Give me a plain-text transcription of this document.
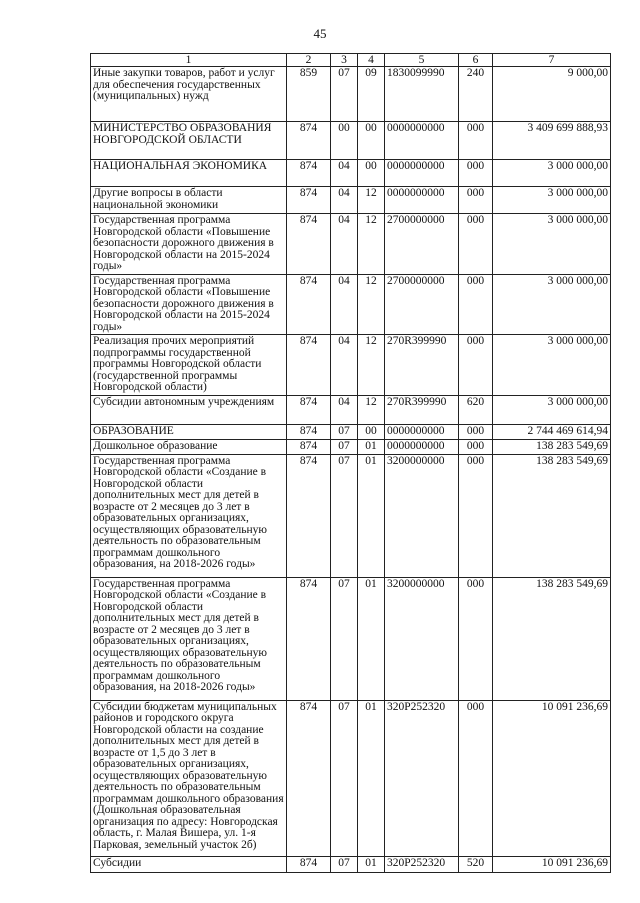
45
1	2	3	4	5	6	7
Иные закупки товаров, работ и услуг для обеспечения государственных (муниципальных) нужд	859	07	09	1830099990	240	9 000,00
МИНИСТЕРСТВО ОБРАЗОВАНИЯ НОВГОРОДСКОЙ ОБЛАСТИ	874	00	00	0000000000	000	3 409 699 888,93
НАЦИОНАЛЬНАЯ ЭКОНОМИКА	874	04	00	0000000000	000	3 000 000,00
Другие вопросы в области национальной экономики	874	04	12	0000000000	000	3 000 000,00
Государственная программа Новгородской области «Повышение безопасности дорожного движения в Новгородской области на 2015-2024 годы»	874	04	12	2700000000	000	3 000 000,00
Государственная программа Новгородской области «Повышение безопасности дорожного движения в Новгородской области на 2015-2024 годы»	874	04	12	2700000000	000	3 000 000,00
Реализация прочих мероприятий подпрограммы государственной программы Новгородской области (государственной программы Новгородской области)	874	04	12	270R399990	000	3 000 000,00
Субсидии автономным учреждениям	874	04	12	270R399990	620	3 000 000,00
ОБРАЗОВАНИЕ	874	07	00	0000000000	000	2 744 469 614,94
Дошкольное образование	874	07	01	0000000000	000	138 283 549,69
Государственная программа Новгородской области «Создание в Новгородской области дополнительных мест для детей в возрасте от 2 месяцев до 3 лет в образовательных организациях, осуществляющих образовательную деятельность по образовательным программам дошкольного образования, на 2018-2026 годы»	874	07	01	3200000000	000	138 283 549,69
Государственная программа Новгородской области «Создание в Новгородской области дополнительных мест для детей в возрасте от 2 месяцев до 3 лет в образовательных организациях, осуществляющих образовательную деятельность по образовательным программам дошкольного образования, на 2018-2026 годы»	874	07	01	3200000000	000	138 283 549,69
Субсидии бюджетам муниципальных районов и городского округа Новгородской области на создание дополнительных мест для детей в возрасте от 1,5 до 3 лет в образовательных организациях, осуществляющих образовательную деятельность по образовательным программам дошкольного образования (Дошкольная образовательная организация по адресу: Новгородская область, г. Малая Вишера, ул. 1-я Парковая, земельный участок 2б)	874	07	01	320P252320	000	10 091 236,69
Субсидии	874	07	01	320P252320	520	10 091 236,69
